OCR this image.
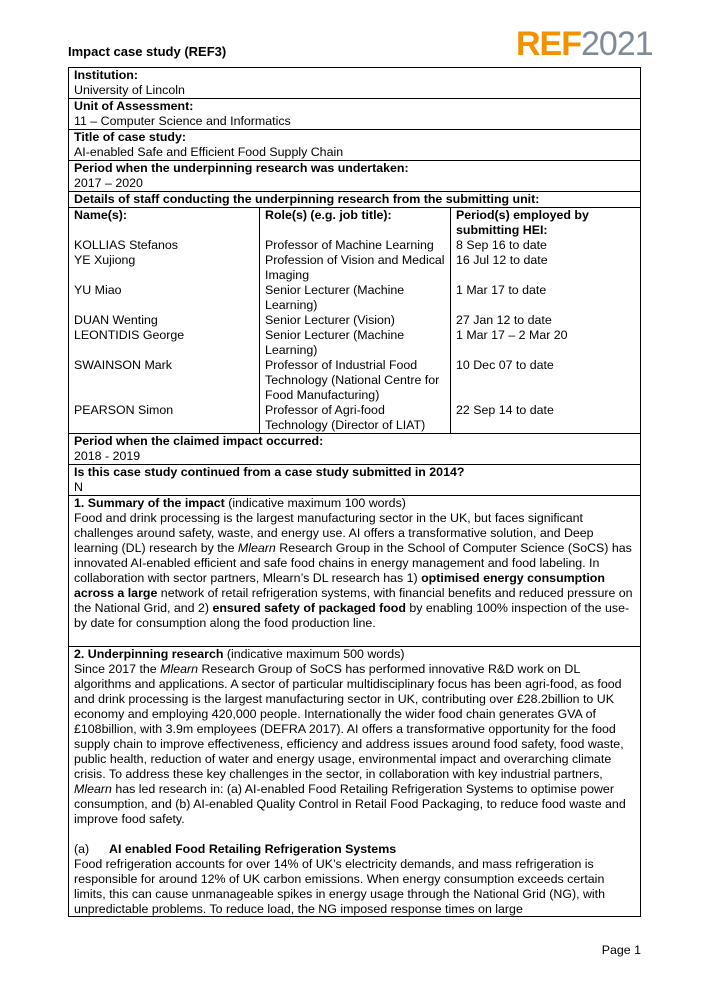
Impact case study (REF3)	REF2021
Institution:
University of Lincoln
Unit of Assessment:
11 – Computer Science and Informatics
Title of case study:
AI-enabled Safe and Efficient Food Supply Chain
Period when the underpinning research was undertaken:
2017 – 2020
Details of staff conducting the underpinning research from the submitting unit:
Name(s):	Role(s) (e.g. job title):	Period(s) employed by submitting HEI:
KOLLIAS Stefanos	Professor of Machine Learning	8 Sep 16 to date
YE Xujiong	Profession of Vision and Medical Imaging	16 Jul 12 to date
YU Miao	Senior Lecturer (Machine Learning)	1 Mar 17 to date
DUAN Wenting	Senior Lecturer (Vision)	27 Jan 12 to date
LEONTIDIS George	Senior Lecturer (Machine Learning)	1 Mar 17 – 2 Mar 20
SWAINSON Mark	Professor of Industrial Food Technology (National Centre for Food Manufacturing)	10 Dec 07 to date
PEARSON Simon	Professor of Agri-food Technology (Director of LIAT)	22 Sep 14 to date
Period when the claimed impact occurred:
2018 - 2019
Is this case study continued from a case study submitted in 2014?
N
1. Summary of the impact (indicative maximum 100 words)
Food and drink processing is the largest manufacturing sector in the UK, but faces significant challenges around safety, waste, and energy use. AI offers a transformative solution, and Deep learning (DL) research by the Mlearn Research Group in the School of Computer Science (SoCS) has innovated AI-enabled efficient and safe food chains in energy management and food labeling. In collaboration with sector partners, Mlearn’s DL research has 1) optimised energy consumption across a large network of retail refrigeration systems, with financial benefits and reduced pressure on the National Grid, and 2) ensured safety of packaged food by enabling 100% inspection of the use-by date for consumption along the food production line.
2. Underpinning research (indicative maximum 500 words)
Since 2017 the Mlearn Research Group of SoCS has performed innovative R&D work on DL algorithms and applications. A sector of particular multidisciplinary focus has been agri-food, as food and drink processing is the largest manufacturing sector in UK, contributing over £28.2billion to UK economy and employing 420,000 people. Internationally the wider food chain generates GVA of £108billion, with 3.9m employees (DEFRA 2017). AI offers a transformative opportunity for the food supply chain to improve effectiveness, efficiency and address issues around food safety, food waste, public health, reduction of water and energy usage, environmental impact and overarching climate crisis. To address these key challenges in the sector, in collaboration with key industrial partners, Mlearn has led research in: (a) AI-enabled Food Retailing Refrigeration Systems to optimise power consumption, and (b) AI-enabled Quality Control in Retail Food Packaging, to reduce food waste and improve food safety.
(a) AI enabled Food Retailing Refrigeration Systems
Food refrigeration accounts for over 14% of UK’s electricity demands, and mass refrigeration is responsible for around 12% of UK carbon emissions. When energy consumption exceeds certain limits, this can cause unmanageable spikes in energy usage through the National Grid (NG), with unpredictable problems. To reduce load, the NG imposed response times on large
Page 1
